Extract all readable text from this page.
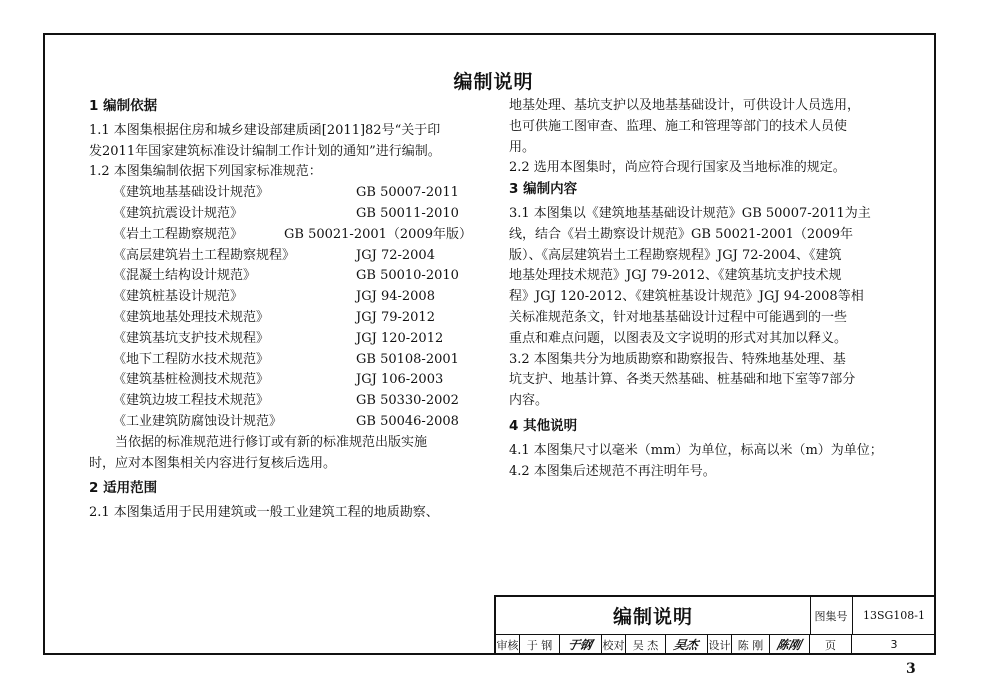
编制说明
1 编制依据

1.1 本图集根据住房和城乡建设部建质函[2011]82号“关于印

发2011年国家建筑标准设计编制工作计划的通知”进行编制。

1.2 本图集编制依据下列国家标准规范：

《建筑地基基础设计规范》	GB 50007-2011
《建筑抗震设计规范》	GB 50011-2010
《岩土工程勘察规范》	GB 50021-2001（2009年版）
《高层建筑岩土工程勘察规程》	JGJ 72-2004
《混凝土结构设计规范》	GB 50010-2010
《建筑桩基设计规范》	JGJ 94-2008
《建筑地基处理技术规范》	JGJ 79-2012
《建筑基坑支护技术规程》	JGJ 120-2012
《地下工程防水技术规范》	GB 50108-2001
《建筑基桩检测技术规范》	JGJ 106-2003
《建筑边坡工程技术规范》	GB 50330-2002
《工业建筑防腐蚀设计规范》	GB 50046-2008

当依据的标准规范进行修订或有新的标准规范出版实施

时，应对本图集相关内容进行复核后选用。

2 适用范围

2.1 本图集适用于民用建筑或一般工业建筑工程的地质勘察、

地基处理、基坑支护以及地基基础设计，可供设计人员选用，

也可供施工图审查、监理、施工和管理等部门的技术人员使

用。

2.2 选用本图集时，尚应符合现行国家及当地标准的规定。

3 编制内容

3.1 本图集以《建筑地基基础设计规范》GB 50007-2011为主

线，结合《岩土勘察设计规范》GB 50021-2001（2009年

版）、《高层建筑岩土工程勘察规程》JGJ 72-2004、《建筑

地基处理技术规范》JGJ 79-2012、《建筑基坑支护技术规

程》JGJ 120-2012、《建筑桩基设计规范》JGJ 94-2008等相

关标准规范条文，针对地基基础设计过程中可能遇到的一些

重点和难点问题，以图表及文字说明的形式对其加以释义。

3.2 本图集共分为地质勘察和勘察报告、特殊地基处理、基

坑支护、地基计算、各类天然基础、桩基础和地下室等7部分

内容。

4 其他说明

4.1 本图集尺寸以毫米（mm）为单位，标高以米（m）为单位；

4.2 本图集后述规范不再注明年号。

编制说明	图集号	13SG108-1
审核 于 钢	于钢 校对 吴 杰	吴杰 设计 陈 刚	陈刚	页	3
3
